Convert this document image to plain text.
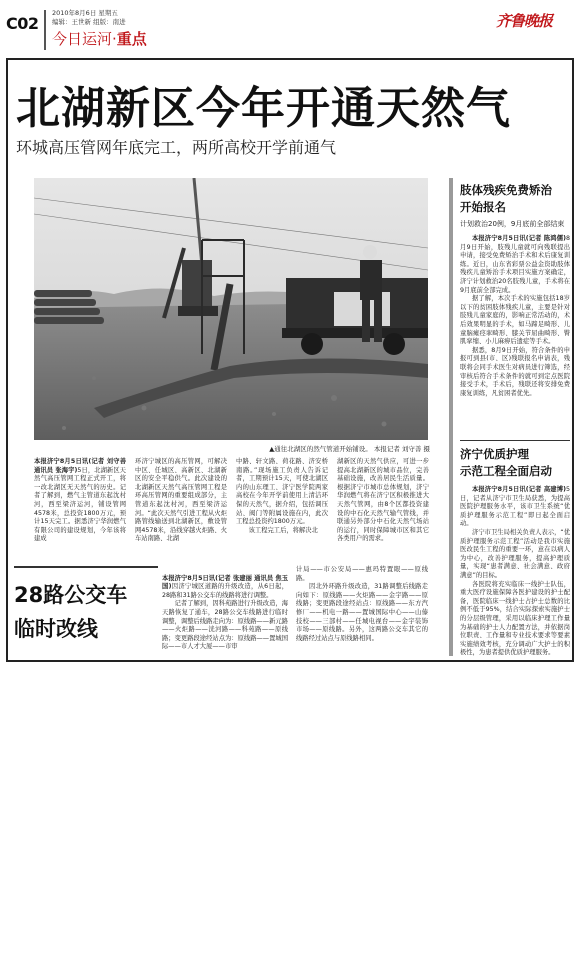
C02
2010年8月6日 星期五
编辑：王世新 组版：南进
今日运河·重点
齐鲁晚报
北湖新区今年开通天然气
环城高压管网年底完工，两所高校开学前通气
▲通往北湖区的然气管道开始铺设。 本报记者 刘守善 摄
本报济宁8月5日讯(记者 刘守善 通讯员 张海宇)5日，北湖新区天然气高压管网工程正式开工，将一改北湖区无天然气的历史。记者了解到，燃气主管道东起沈村河，西至梁济运河，铺设管网4578米，总投资1800万元，预计15天完工。据悉济宁华润燃气有限公司的建设规划，今年该将建成
环济宁城区的高压管网，可解决中区、任城区、高新区、北湖新区的安全平稳供气。此次建设的北湖新区天然气高压管网工程是环高压管网的重要组成部分，主管道东起沈村河，西至梁济运河。“此次天然气引进工程从火炬路管线输送到北湖新区，敷设管网4578米，沿线穿越火炬路、火车站南路、北湖
中路、轩文路、荷花路、济安桥南路。”现场施工负责人告诉记者，工期预计15天，可使北湖区内的山东理工、济宁医学院两家高校在今年开学前使用上清洁环保的天然气，据介绍，包括调压站、阀门等附属设施在内，此次工程总投资约1800万元。
　　该工程完工后，将解决北
湖新区的天然气供应，可进一步提高北湖新区的城市品位，完善基础设施，改善居民生活质量。根据济宁市城市总体规划，济宁华润燃气将在济宁区积极推进大天然气管网，由8个区都投资建设的中石化天然气输气管线，并联通另外部分中石化天然气场站的运行，同时保障城市区和其它各类用户的需求。
28路公交车
临时改线

本报济宁8月5日讯(记者 张建丽 通讯员 焦玉国)因济宁城区道路的升级改造，从6日起，28路和31路公交车的线路将进行调整。
　　记者了解到，因科苑路进行升级改造，海天路恢复了通车，28路公交车线路进行临时调整，调整后线路走向为：原线路——新元路——火炬路——洸河路——科苑路——原线路；变更路段途经站点为：原线路——置城国际——市人才大厦——市审

计局——市公安局——惠玛特置眼——原线路。
　　因北外环路升级改造，31路调整后线路走向如下：原线路——火炬路——金宇路——原线路；变更路段途经站点：原线路——东方汽修厂——机电一路——置城国际中心——山傣技校——三部村——任城电视台——金宇装饰市场——原线路。另外，这两路公交车其它的线路经过站点与原线路相同。
肢体残疾免费矫治
开始报名
计划救治20例，9月底前全部结束
本报济宁8月5日讯(记者 陈鸿儒)8月9日开始，肢残儿童就可向残联提出申请，接受免费矫治手术和术后康复训练。近日，山东省彩票公益金资助肢体残疾儿童矫治手术项目实施方案确定，济宁计划救治20名肢残儿童，手术将在9月底前全部完成。
据了解，本次手术的实施包括18岁以下的贫困肢体残疾儿童，主要是针对肢残儿童家庭的，影响正常活动的，术后效果明显的手术，如马蹄足畸形、儿童脑瘫痉挛畸形、膝关节屈曲畸形、臀肌挛缩、小儿麻痹后遗症等手术。
据悉，8月9日开始，符合条件的申报可到县(市、区)残联报名申请表，残联将会同手术医生对病员进行筛选，经审核后符合手术条件的就可到定点医院接受手术，手术后，残联还将安排免费康复训练，凡贫困者优先。
济宁优质护理
示范工程全面启动
本报济宁8月5日讯(记者 高建博)5日，记者从济宁市卫生局获悉，为提高医院护理服务水平，该市卫生系统“优质护理服务示范工程”即日起全面启动。
济宁市卫生局相关负责人表示，“优质护理服务示范工程”活动是我市实施医改民生工程的重要一环，意在以病人为中心，改善护理服务，提高护理质量，实现“患者满意、社会满意、政府满意”的目标。
各医院将充实临床一线护士队伍，重大医疗设施保障各医护建设的护士配备，医院临床一线护士占护士总数的比例不低于95%，结合实际探索实施护士的分层级管理，采用以临床护理工作量为基础的护士人力配置方法，并依据岗位职责、工作量和专业技术要求等要素实施绩效考核，充分调动广大护士的积极性，为患者提供优质护理服务。
